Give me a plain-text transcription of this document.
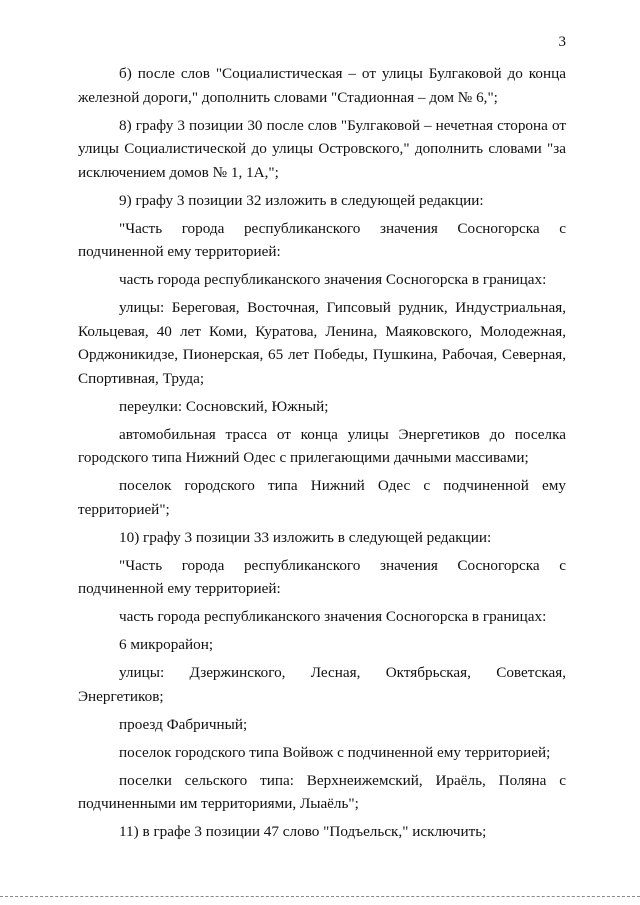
3

б) после слов "Социалистическая – от улицы Булгаковой до конца железной дороги," дополнить словами "Стадионная – дом № 6,";

8) графу 3 позиции 30 после слов "Булгаковой – нечетная сторона от улицы Социалистической до улицы Островского," дополнить словами "за исключением домов № 1, 1А,";

9) графу 3 позиции 32 изложить в следующей редакции:

"Часть города республиканского значения Сосногорска с подчиненной ему территорией:

часть города республиканского значения Сосногорска в границах:

улицы: Береговая, Восточная, Гипсовый рудник, Индустриальная, Кольцевая, 40 лет Коми, Куратова, Ленина, Маяковского, Молодежная, Орджоникидзе, Пионерская, 65 лет Победы, Пушкина, Рабочая, Северная, Спортивная, Труда;

переулки: Сосновский, Южный;

автомобильная трасса от конца улицы Энергетиков до поселка городского типа Нижний Одес с прилегающими дачными массивами;

поселок городского типа Нижний Одес с подчиненной ему территорией";

10) графу 3 позиции 33 изложить в следующей редакции:

"Часть города республиканского значения Сосногорска с подчиненной ему территорией:

часть города республиканского значения Сосногорска в границах:

6 микрорайон;

улицы: Дзержинского, Лесная, Октябрьская, Советская, Энергетиков;

проезд Фабричный;

поселок городского типа Войвож с подчиненной ему территорией;

поселки сельского типа: Верхнеижемский, Ираёль, Поляна с подчиненными им территориями, Лыаёль";

11) в графе 3 позиции 47 слово "Подъельск," исключить;
